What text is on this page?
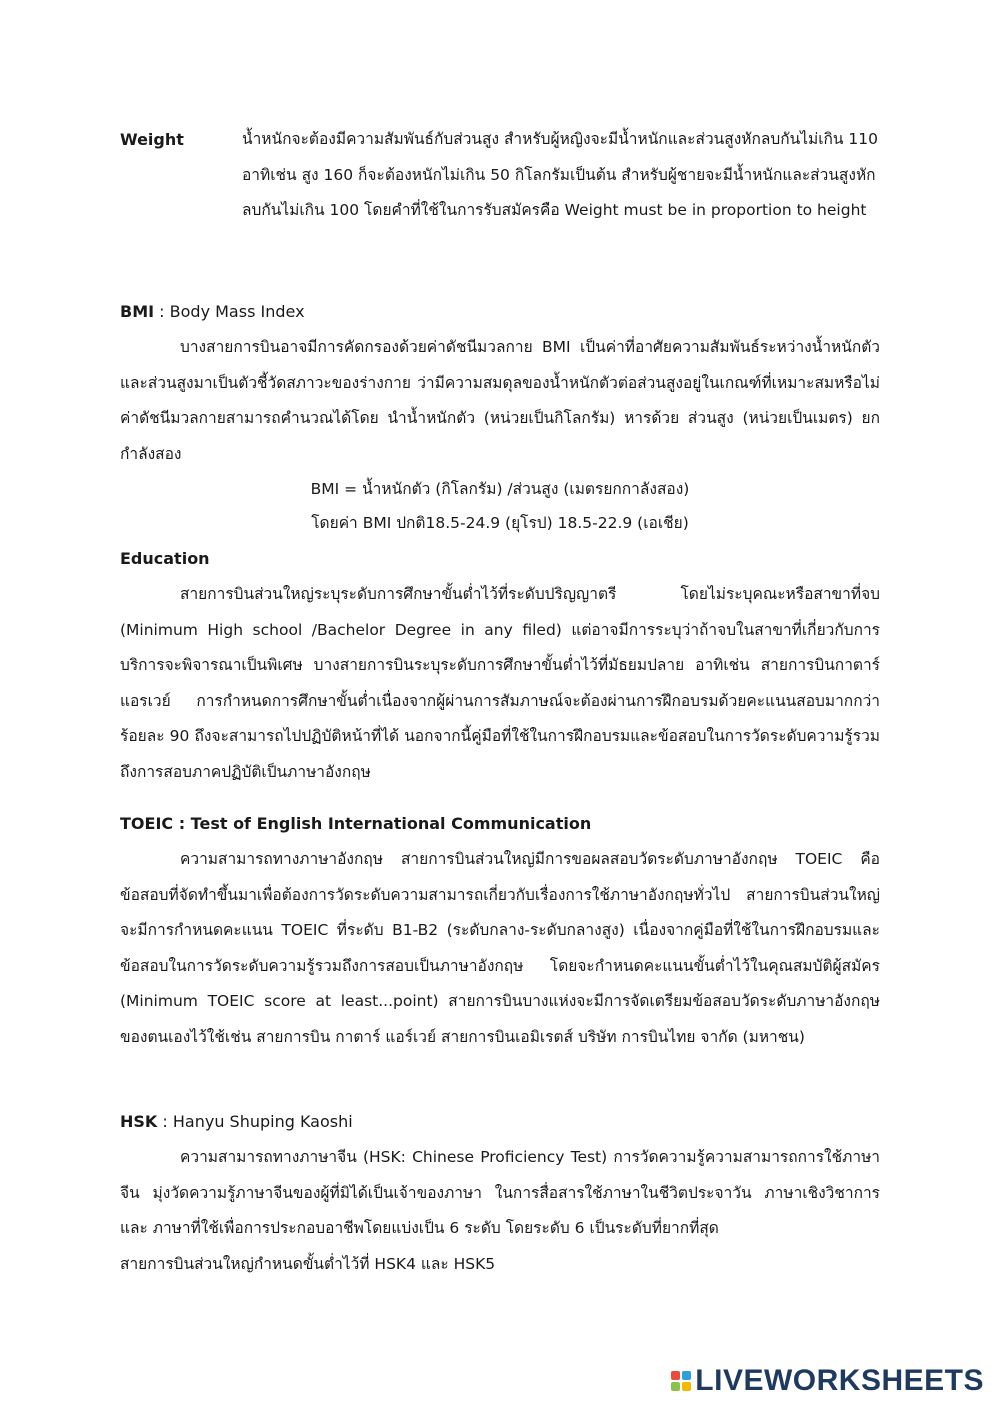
Weight	น้ำหนักจะต้องมีความสัมพันธ์กับส่วนสูง สำหรับผู้หญิงจะมีน้ำหนักและส่วนสูงหักลบกันไม่เกิน 110 อาทิเช่น สูง 160 ก็จะต้องหนักไม่เกิน 50 กิโลกรัมเป็นต้น สำหรับผู้ชายจะมีน้ำหนักและส่วนสูงหักลบกันไม่เกิน 100 โดยคำที่ใช้ในการรับสมัครคือ Weight must be in proportion to height
BMI : Body Mass Index

บางสายการบินอาจมีการคัดกรองด้วยค่าดัชนีมวลกาย BMI เป็นค่าที่อาศัยความสัมพันธ์ระหว่างน้ำหนักตัวและส่วนสูงมาเป็นตัวชี้วัดสภาวะของร่างกาย ว่ามีความสมดุลของน้ำหนักตัวต่อส่วนสูงอยู่ในเกณฑ์ที่เหมาะสมหรือไม่ค่าดัชนีมวลกายสามารถคำนวณได้โดย นำน้ำหนักตัว (หน่วยเป็นกิโลกรัม) หารด้วย ส่วนสูง (หน่วยเป็นเมตร) ยกกำลังสอง

BMI = น้ำหนักตัว (กิโลกรัม) /ส่วนสูง (เมตรยกกาลังสอง)

โดยค่า BMI ปกติ18.5-24.9 (ยุโรป) 18.5-22.9 (เอเชีย)

Education

สายการบินส่วนใหญ่ระบุระดับการศึกษาขั้นต่ำไว้ที่ระดับปริญญาตรี โดยไม่ระบุคณะหรือสาขาที่จบ (Minimum High school /Bachelor Degree in any filed) แต่อาจมีการระบุว่าถ้าจบในสาขาที่เกี่ยวกับการบริการจะพิจารณาเป็นพิเศษ บางสายการบินระบุระดับการศึกษาขั้นต่ำไว้ที่มัธยมปลาย อาทิเช่น สายการบินกาตาร์ แอรเวย์ การกำหนดการศึกษาขั้นต่ำเนื่องจากผู้ผ่านการสัมภาษณ์จะต้องผ่านการฝึกอบรมด้วยคะแนนสอบมากกว่า ร้อยละ 90 ถึงจะสามารถไปปฏิบัติหน้าที่ได้ นอกจากนี้คู่มือที่ใช้ในการฝึกอบรมและข้อสอบในการวัดระดับความรู้รวมถึงการสอบภาคปฏิบัติเป็นภาษาอังกฤษ

TOEIC : Test of English International Communication

ความสามารถทางภาษาอังกฤษ สายการบินส่วนใหญ่มีการขอผลสอบวัดระดับภาษาอังกฤษ TOEIC คือข้อสอบที่จัดทำขึ้นมาเพื่อต้องการวัดระดับความสามารถเกี่ยวกับเรื่องการใช้ภาษาอังกฤษทั่วไป สายการบินส่วนใหญ่จะมีการกำหนดคะแนน TOEIC ที่ระดับ B1-B2 (ระดับกลาง-ระดับกลางสูง) เนื่องจากคู่มือที่ใช้ในการฝึกอบรมและข้อสอบในการวัดระดับความรู้รวมถึงการสอบเป็นภาษาอังกฤษ โดยจะกำหนดคะแนนขั้นต่ำไว้ในคุณสมบัติผู้สมัคร (Minimum TOEIC score at least...point) สายการบินบางแห่งจะมีการจัดเตรียมข้อสอบวัดระดับภาษาอังกฤษของตนเองไว้ใช้เช่น สายการบิน กาตาร์ แอร์เวย์ สายการบินเอมิเรตส์ บริษัท การบินไทย จากัด (มหาชน)

HSK : Hanyu Shuping Kaoshi

ความสามารถทางภาษาจีน (HSK: Chinese Proficiency Test) การวัดความรู้ความสามารถการใช้ภาษาจีน มุ่งวัดความรู้ภาษาจีนของผู้ที่มิได้เป็นเจ้าของภาษา ในการสื่อสารใช้ภาษาในชีวิตประจาวัน ภาษาเชิงวิชาการ และ ภาษาที่ใช้เพื่อการประกอบอาชีพโดยแบ่งเป็น 6 ระดับ โดยระดับ 6 เป็นระดับที่ยากที่สุด

สายการบินส่วนใหญ่กำหนดขั้นต่ำไว้ที่ HSK4 และ HSK5

LIVEWORKSHEETS
